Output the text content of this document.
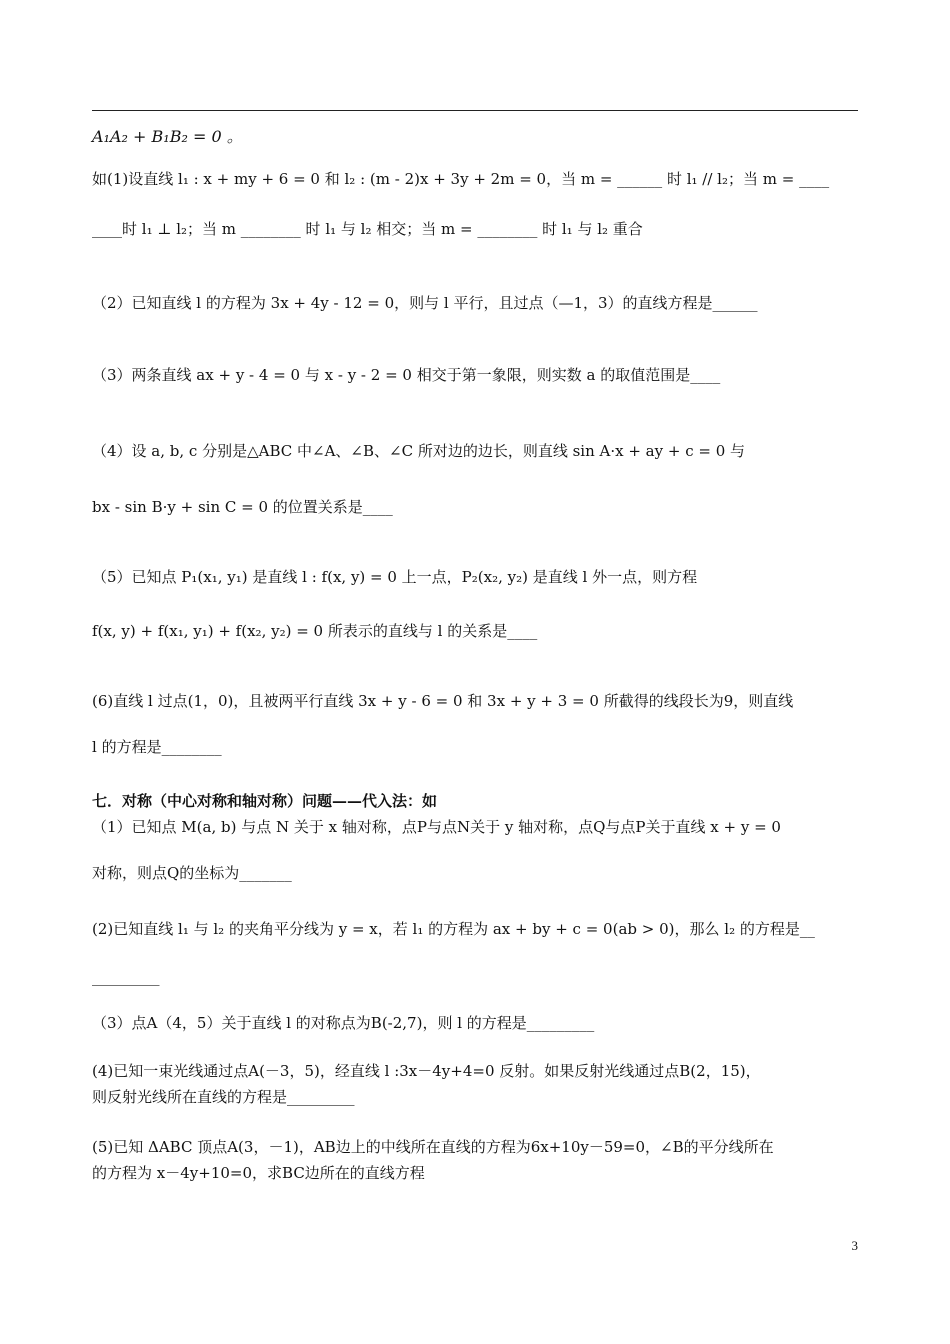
A₁A₂ + B₁B₂ = 0 。
如(1)设直线 l₁ : x + my + 6 = 0 和 l₂ : (m - 2)x + 3y + 2m = 0，当 m = ______ 时 l₁ // l₂；当 m = ____
____时 l₁ ⊥ l₂；当 m ________ 时 l₁ 与 l₂ 相交；当 m = ________ 时 l₁ 与 l₂ 重合
（2）已知直线 l 的方程为 3x + 4y - 12 = 0，则与 l 平行，且过点（—1，3）的直线方程是______
（3）两条直线 ax + y - 4 = 0 与 x - y - 2 = 0 相交于第一象限，则实数 a 的取值范围是____
（4）设 a, b, c 分别是△ABC 中∠A、∠B、∠C 所对边的边长，则直线 sin A·x + ay + c = 0 与
bx - sin B·y + sin C = 0 的位置关系是____
（5）已知点 P₁(x₁, y₁) 是直线 l : f(x, y) = 0 上一点，P₂(x₂, y₂) 是直线 l 外一点，则方程
f(x, y) + f(x₁, y₁) + f(x₂, y₂) = 0 所表示的直线与 l 的关系是____
(6)直线 l 过点(1，0)，且被两平行直线 3x + y - 6 = 0 和 3x + y + 3 = 0 所截得的线段长为9，则直线
l 的方程是________
七．对称（中心对称和轴对称）问题——代入法：如
（1）已知点 M(a, b) 与点 N 关于 x 轴对称，点P与点N关于 y 轴对称，点Q与点P关于直线 x + y = 0
对称，则点Q的坐标为_______
(2)已知直线 l₁ 与 l₂ 的夹角平分线为 y = x，若 l₁ 的方程为 ax + by + c = 0(ab > 0)，那么 l₂ 的方程是__
_________
（3）点A（4，5）关于直线 l 的对称点为B(-2,7)，则 l 的方程是_________
(4)已知一束光线通过点A(－3，5)，经直线 l :3x－4y+4=0 反射。如果反射光线通过点B(2，15)，
则反射光线所在直线的方程是_________
(5)已知 ΔABC 顶点A(3，－1)，AB边上的中线所在直线的方程为6x+10y－59=0，∠B的平分线所在
的方程为 x－4y+10=0，求BC边所在的直线方程
3
